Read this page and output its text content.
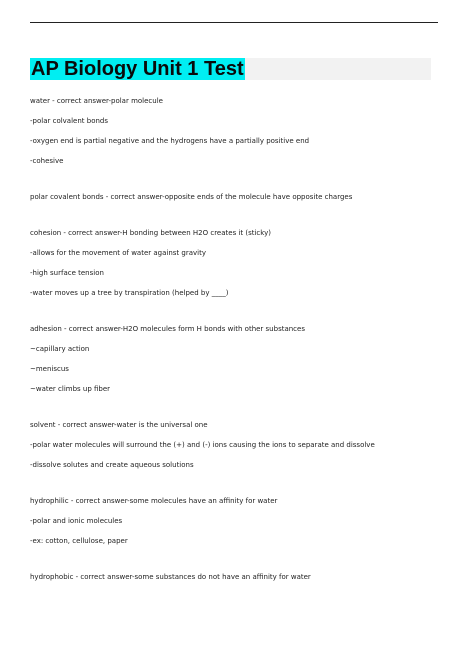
AP Biology Unit 1 Test
water - correct answer-polar molecule
-polar colvalent bonds
-oxygen end is partial negative and the hydrogens have a partially positive end
-cohesive
polar covalent bonds - correct answer-opposite ends of the molecule have opposite charges
cohesion - correct answer-H bonding between H2O creates it (sticky)
-allows for the movement of water against gravity
-high surface tension
-water moves up a tree by transpiration (helped by ____)
adhesion - correct answer-H2O molecules form H bonds with other substances
~capillary action
~meniscus
~water climbs up fiber
solvent - correct answer-water is the universal one
-polar water molecules will surround the (+) and (-) ions causing the ions to separate and dissolve
-dissolve solutes and create aqueous solutions
hydrophilic - correct answer-some molecules have an affinity for water
-polar and ionic molecules
-ex: cotton, cellulose, paper
hydrophobic - correct answer-some substances do not have an affinity for water
